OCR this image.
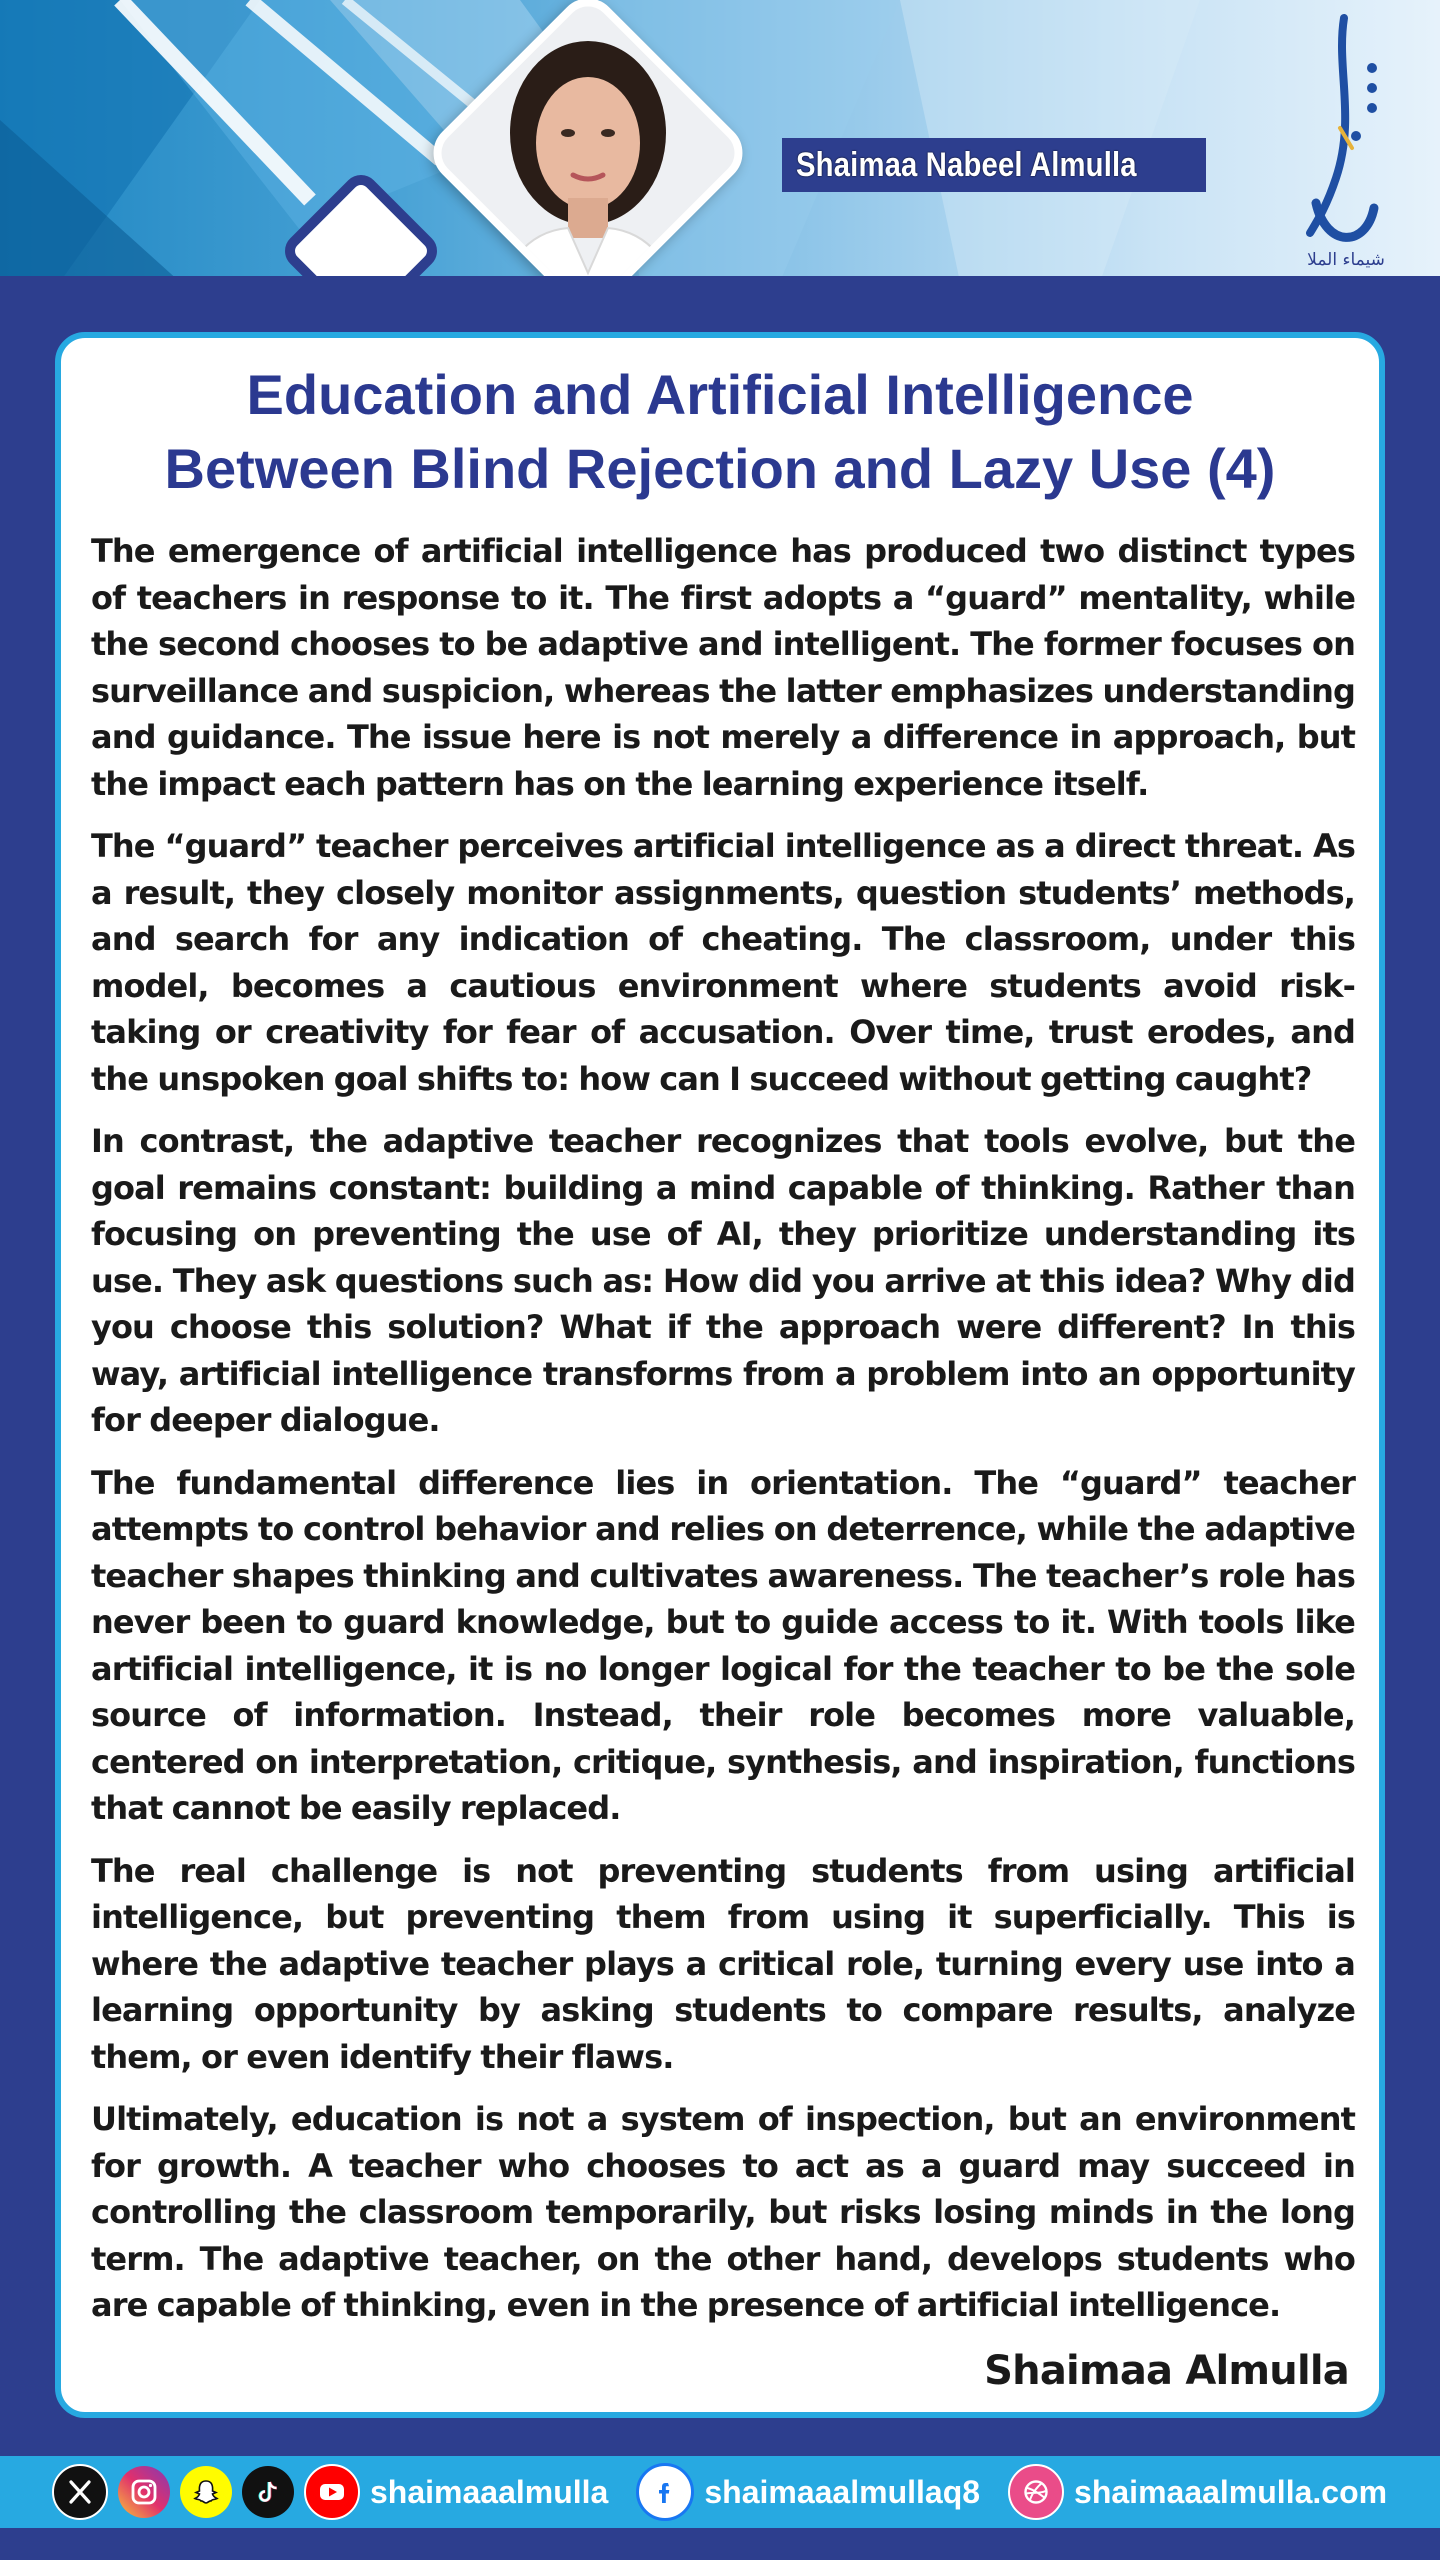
Shaimaa Nabeel Almulla
شيماء الملا
Education and Artificial Intelligence
Between Blind Rejection and Lazy Use (4)

The emergence of artificial intelligence has produced two distinct types of teachers in response to it. The first adopts a “guard” mentality, while the second chooses to be adaptive and intelligent. The former focuses on surveillance and suspicion, whereas the latter emphasizes understanding and guidance. The issue here is not merely a difference in approach, but the impact each pattern has on the learning experience itself.

The “guard” teacher perceives artificial intelligence as a direct threat. As a result, they closely monitor assignments, question students’ methods, and search for any indication of cheating. The classroom, under this model, becomes a cautious environment where students avoid risk-taking or creativity for fear of accusation. Over time, trust erodes, and the unspoken goal shifts to: how can I succeed without getting caught?

In contrast, the adaptive teacher recognizes that tools evolve, but the goal remains constant: building a mind capable of thinking. Rather than focusing on preventing the use of AI, they prioritize understanding its use. They ask questions such as: How did you arrive at this idea? Why did you choose this solution? What if the approach were different? In this way, artificial intelligence transforms from a problem into an opportunity for deeper dialogue.

The fundamental difference lies in orientation. The “guard” teacher attempts to control behavior and relies on deterrence, while the adaptive teacher shapes thinking and cultivates awareness. The teacher’s role has never been to guard knowledge, but to guide access to it. With tools like artificial intelligence, it is no longer logical for the teacher to be the sole source of information. Instead, their role becomes more valuable, centered on interpretation, critique, synthesis, and inspiration, functions that cannot be easily replaced.

The real challenge is not preventing students from using artificial intelligence, but preventing them from using it superficially. This is where the adaptive teacher plays a critical role, turning every use into a learning opportunity by asking students to compare results, analyze them, or even identify their flaws.

Ultimately, education is not a system of inspection, but an environment for growth. A teacher who chooses to act as a guard may succeed in controlling the classroom temporarily, but risks losing minds in the long term. The adaptive teacher, on the other hand, develops students who are capable of thinking, even in the presence of artificial intelligence.

Shaimaa Almulla
shaimaaalmulla	shaimaaalmullaq8	shaimaaalmulla.com
